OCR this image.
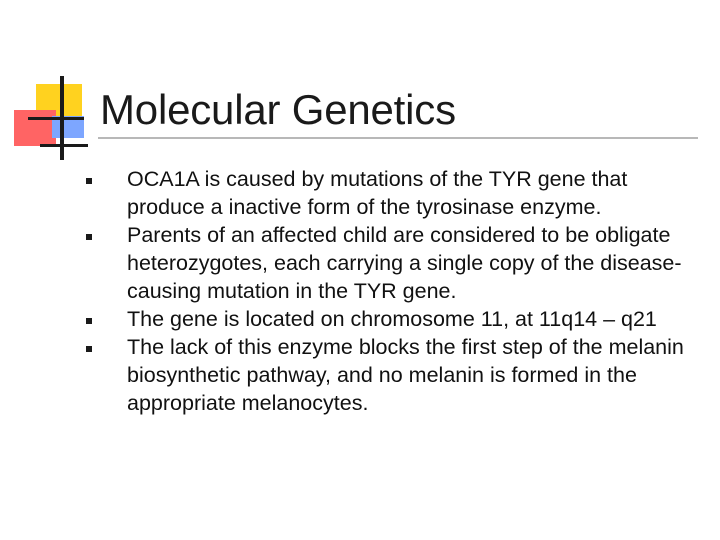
Molecular Genetics
OCA1A is caused by mutations of the TYR gene that produce a inactive form of the tyrosinase enzyme.
Parents of an affected child are considered to be obligate heterozygotes, each carrying a single copy of the disease-causing mutation in the TYR gene.
The gene is located on chromosome 11, at 11q14 – q21
The lack of this enzyme blocks the first step of the melanin biosynthetic pathway, and no melanin is formed in the appropriate melanocytes.
